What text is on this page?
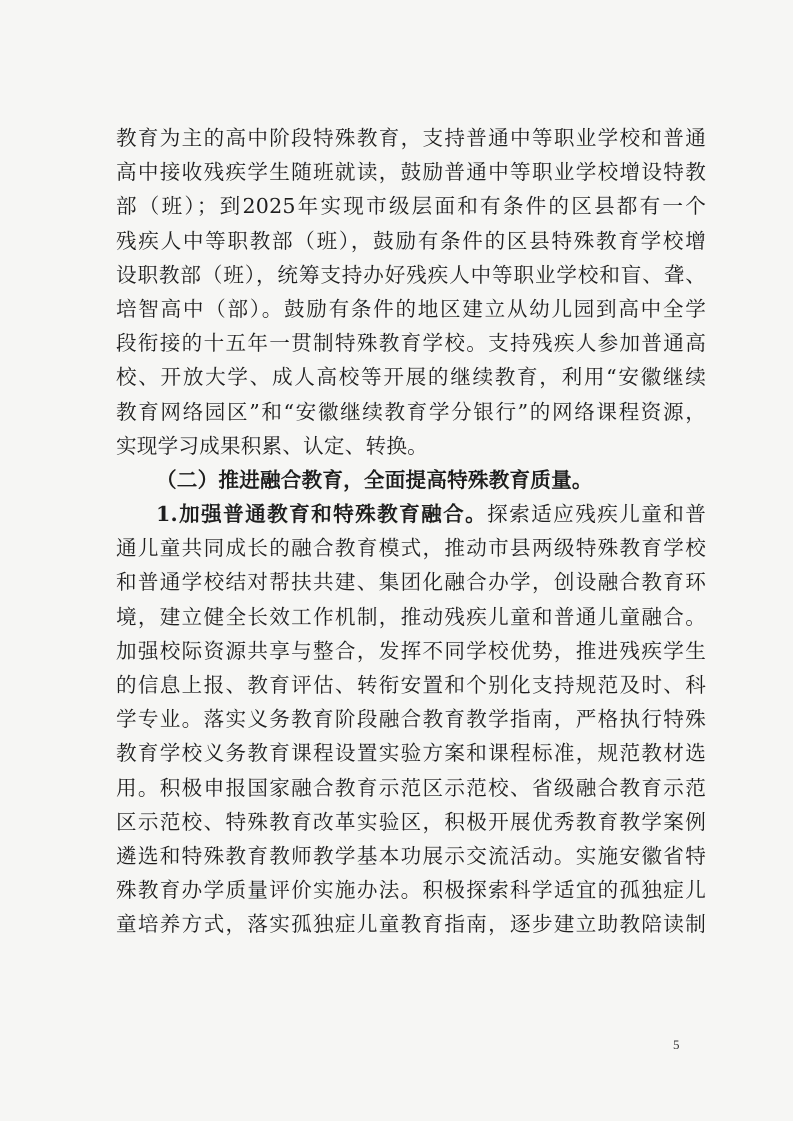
教育为主的高中阶段特殊教育，支持普通中等职业学校和普通
高中接收残疾学生随班就读，鼓励普通中等职业学校增设特教
部（班）；到2025年实现市级层面和有条件的区县都有一个
残疾人中等职教部（班），鼓励有条件的区县特殊教育学校增
设职教部（班），统筹支持办好残疾人中等职业学校和盲、聋、
培智高中（部）。鼓励有条件的地区建立从幼儿园到高中全学
段衔接的十五年一贯制特殊教育学校。支持残疾人参加普通高
校、开放大学、成人高校等开展的继续教育，利用“安徽继续
教育网络园区”和“安徽继续教育学分银行”的网络课程资源，
实现学习成果积累、认定、转换。
（二）推进融合教育，全面提高特殊教育质量。
1.加强普通教育和特殊教育融合。探索适应残疾儿童和普
通儿童共同成长的融合教育模式，推动市县两级特殊教育学校
和普通学校结对帮扶共建、集团化融合办学，创设融合教育环
境，建立健全长效工作机制，推动残疾儿童和普通儿童融合。
加强校际资源共享与整合，发挥不同学校优势，推进残疾学生
的信息上报、教育评估、转衔安置和个别化支持规范及时、科
学专业。落实义务教育阶段融合教育教学指南，严格执行特殊
教育学校义务教育课程设置实验方案和课程标准，规范教材选
用。积极申报国家融合教育示范区示范校、省级融合教育示范
区示范校、特殊教育改革实验区，积极开展优秀教育教学案例
遴选和特殊教育教师教学基本功展示交流活动。实施安徽省特
殊教育办学质量评价实施办法。积极探索科学适宜的孤独症儿
童培养方式，落实孤独症儿童教育指南，逐步建立助教陪读制
5
